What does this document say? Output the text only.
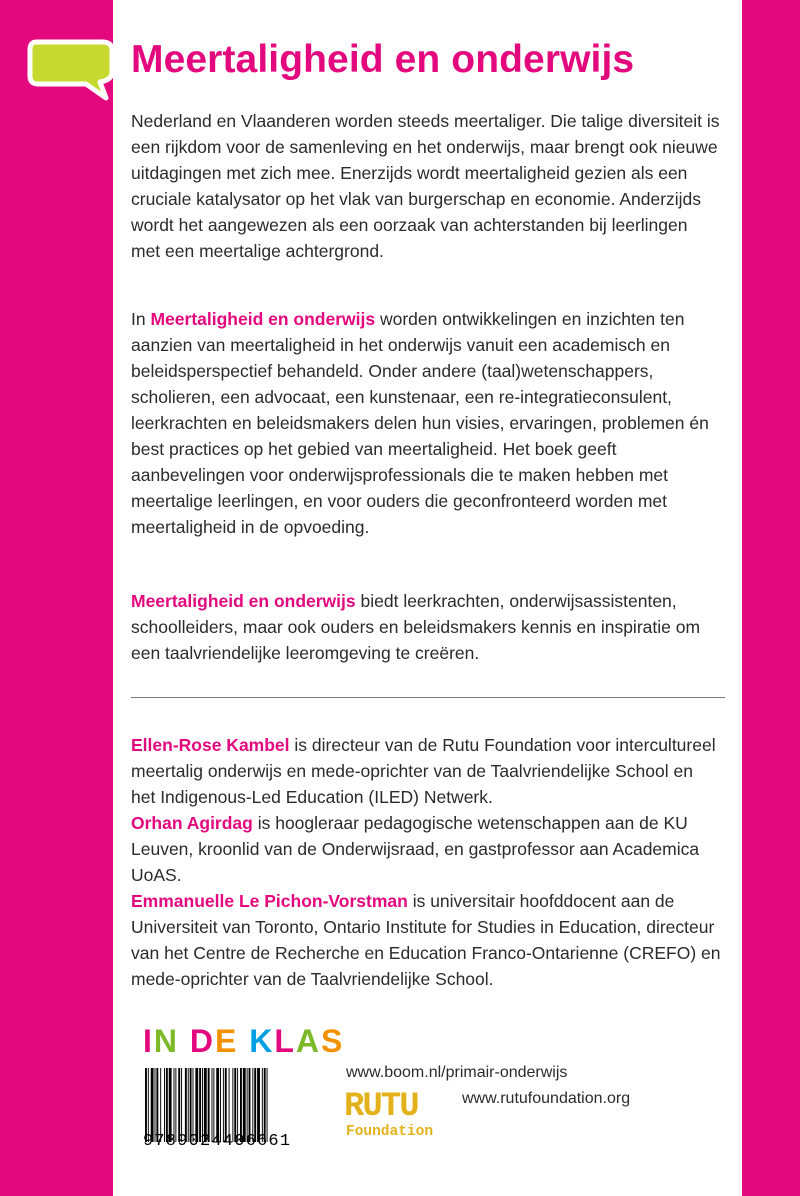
Meertaligheid en onderwijs

Nederland en Vlaanderen worden steeds meertaliger. Die talige diversiteit is een rijkdom voor de samenleving en het onderwijs, maar brengt ook nieuwe uitdagingen met zich mee. Enerzijds wordt meertaligheid gezien als een cruciale katalysator op het vlak van burgerschap en economie. Anderzijds wordt het aangewezen als een oorzaak van achterstanden bij leerlingen met een meertalige achtergrond.

In Meertaligheid en onderwijs worden ontwikkelingen en inzichten ten aanzien van meertaligheid in het onderwijs vanuit een academisch en beleidsperspectief behandeld. Onder andere (taal)wetenschappers, scholieren, een advocaat, een kunstenaar, een re-integratieconsulent, leerkrachten en beleidsmakers delen hun visies, ervaringen, problemen én best practices op het gebied van meertaligheid. Het boek geeft aanbevelingen voor onderwijsprofessionals die te maken hebben met meertalige leerlingen, en voor ouders die geconfronteerd worden met meertaligheid in de opvoeding.

Meertaligheid en onderwijs biedt leerkrachten, onderwijsassistenten, schoolleiders, maar ook ouders en beleidsmakers kennis en inspiratie om een taalvriendelijke leeromgeving te creëren.

Ellen-Rose Kambel is directeur van de Rutu Foundation voor intercultureel meertalig onderwijs en mede-oprichter van de Taalvriendelijke School en het Indigenous-Led Education (ILED) Netwerk.

Orhan Agirdag is hoogleraar pedagogische wetenschappen aan de KU Leuven, kroonlid van de Onderwijsraad, en gastprofessor aan Academica UoAS.

Emmanuelle Le Pichon-Vorstman is universitair hoofddocent aan de Universiteit van Toronto, Ontario Institute for Studies in Education, directeur van het Centre de Recherche en Education Franco-Ontarienne (CREFO) en mede-oprichter van de Taalvriendelijke School.

IN DE KLAS
9789024406661
www.boom.nl/primair-onderwijs
www.rutufoundation.org
RUTU
Foundation
